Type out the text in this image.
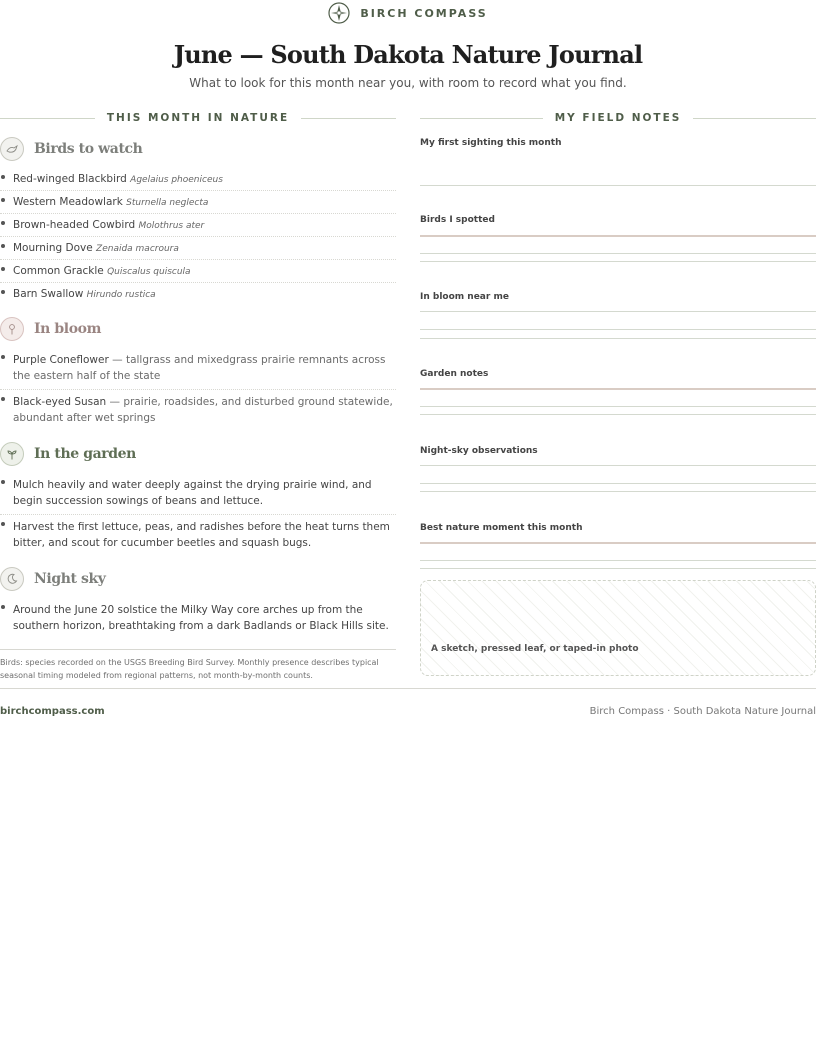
BIRCH COMPASS
June — South Dakota Nature Journal
What to look for this month near you, with room to record what you find.
THIS MONTH IN NATURE	MY FIELD NOTES
Birds to watch
Red-winged Blackbird Agelaius phoeniceus
Western Meadowlark Sturnella neglecta
Brown-headed Cowbird Molothrus ater
Mourning Dove Zenaida macroura
Common Grackle Quiscalus quiscula
Barn Swallow Hirundo rustica
In bloom
Purple Coneflower — tallgrass and mixedgrass prairie remnants across the eastern half of the state
Black-eyed Susan — prairie, roadsides, and disturbed ground statewide, abundant after wet springs
In the garden
Mulch heavily and water deeply against the drying prairie wind, and begin succession sowings of beans and lettuce.
Harvest the first lettuce, peas, and radishes before the heat turns them bitter, and scout for cucumber beetles and squash bugs.
Night sky
Around the June 20 solstice the Milky Way core arches up from the southern horizon, breathtaking from a dark Badlands or Black Hills site.
Birds: species recorded on the USGS Breeding Bird Survey. Monthly presence describes typical seasonal timing modeled from regional patterns, not month-by-month counts.
My first sighting this month
Birds I spotted
In bloom near me
Garden notes
Night-sky observations
Best nature moment this month
A sketch, pressed leaf, or taped-in photo
birchcompass.com	Birch Compass · South Dakota Nature Journal
